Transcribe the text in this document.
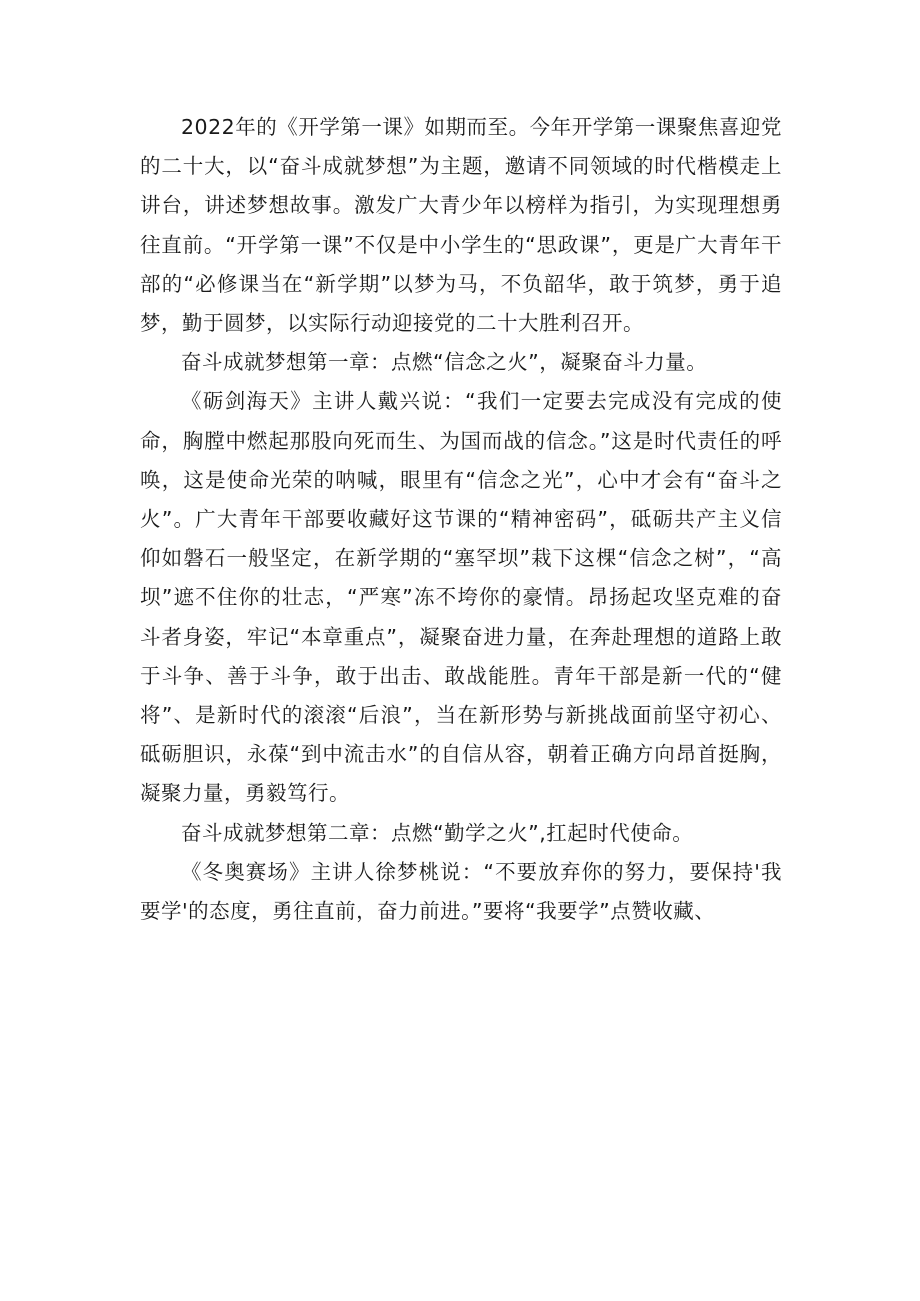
2022年的《开学第一课》如期而至。今年开学第一课聚焦喜迎党的二十大，以“奋斗成就梦想”为主题，邀请不同领域的时代楷模走上讲台，讲述梦想故事。激发广大青少年以榜样为指引，为实现理想勇往直前。“开学第一课”不仅是中小学生的“思政课”，更是广大青年干部的“必修课当在“新学期”以梦为马，不负韶华，敢于筑梦，勇于追梦，勤于圆梦，以实际行动迎接党的二十大胜利召开。

奋斗成就梦想第一章：点燃“信念之火”，凝聚奋斗力量。

《砺剑海天》主讲人戴兴说：“我们一定要去完成没有完成的使命，胸膛中燃起那股向死而生、为国而战的信念。”这是时代责任的呼唤，这是使命光荣的呐喊，眼里有“信念之光”，心中才会有“奋斗之火”。广大青年干部要收藏好这节课的“精神密码”，砥砺共产主义信仰如磐石一般坚定，在新学期的“塞罕坝”栽下这棵“信念之树”，“高坝”遮不住你的壮志，“严寒”冻不垮你的豪情。昂扬起攻坚克难的奋斗者身姿，牢记“本章重点”，凝聚奋进力量，在奔赴理想的道路上敢于斗争、善于斗争，敢于出击、敢战能胜。青年干部是新一代的“健将”、是新时代的滚滚“后浪”，当在新形势与新挑战面前坚守初心、砥砺胆识，永葆“到中流击水”的自信从容，朝着正确方向昂首挺胸，凝聚力量，勇毅笃行。

奋斗成就梦想第二章：点燃“勤学之火”,扛起时代使命。

《冬奥赛场》主讲人徐梦桃说：“不要放弃你的努力，要保持'我要学'的态度，勇往直前，奋力前进。”要将“我要学”点赞收藏、
